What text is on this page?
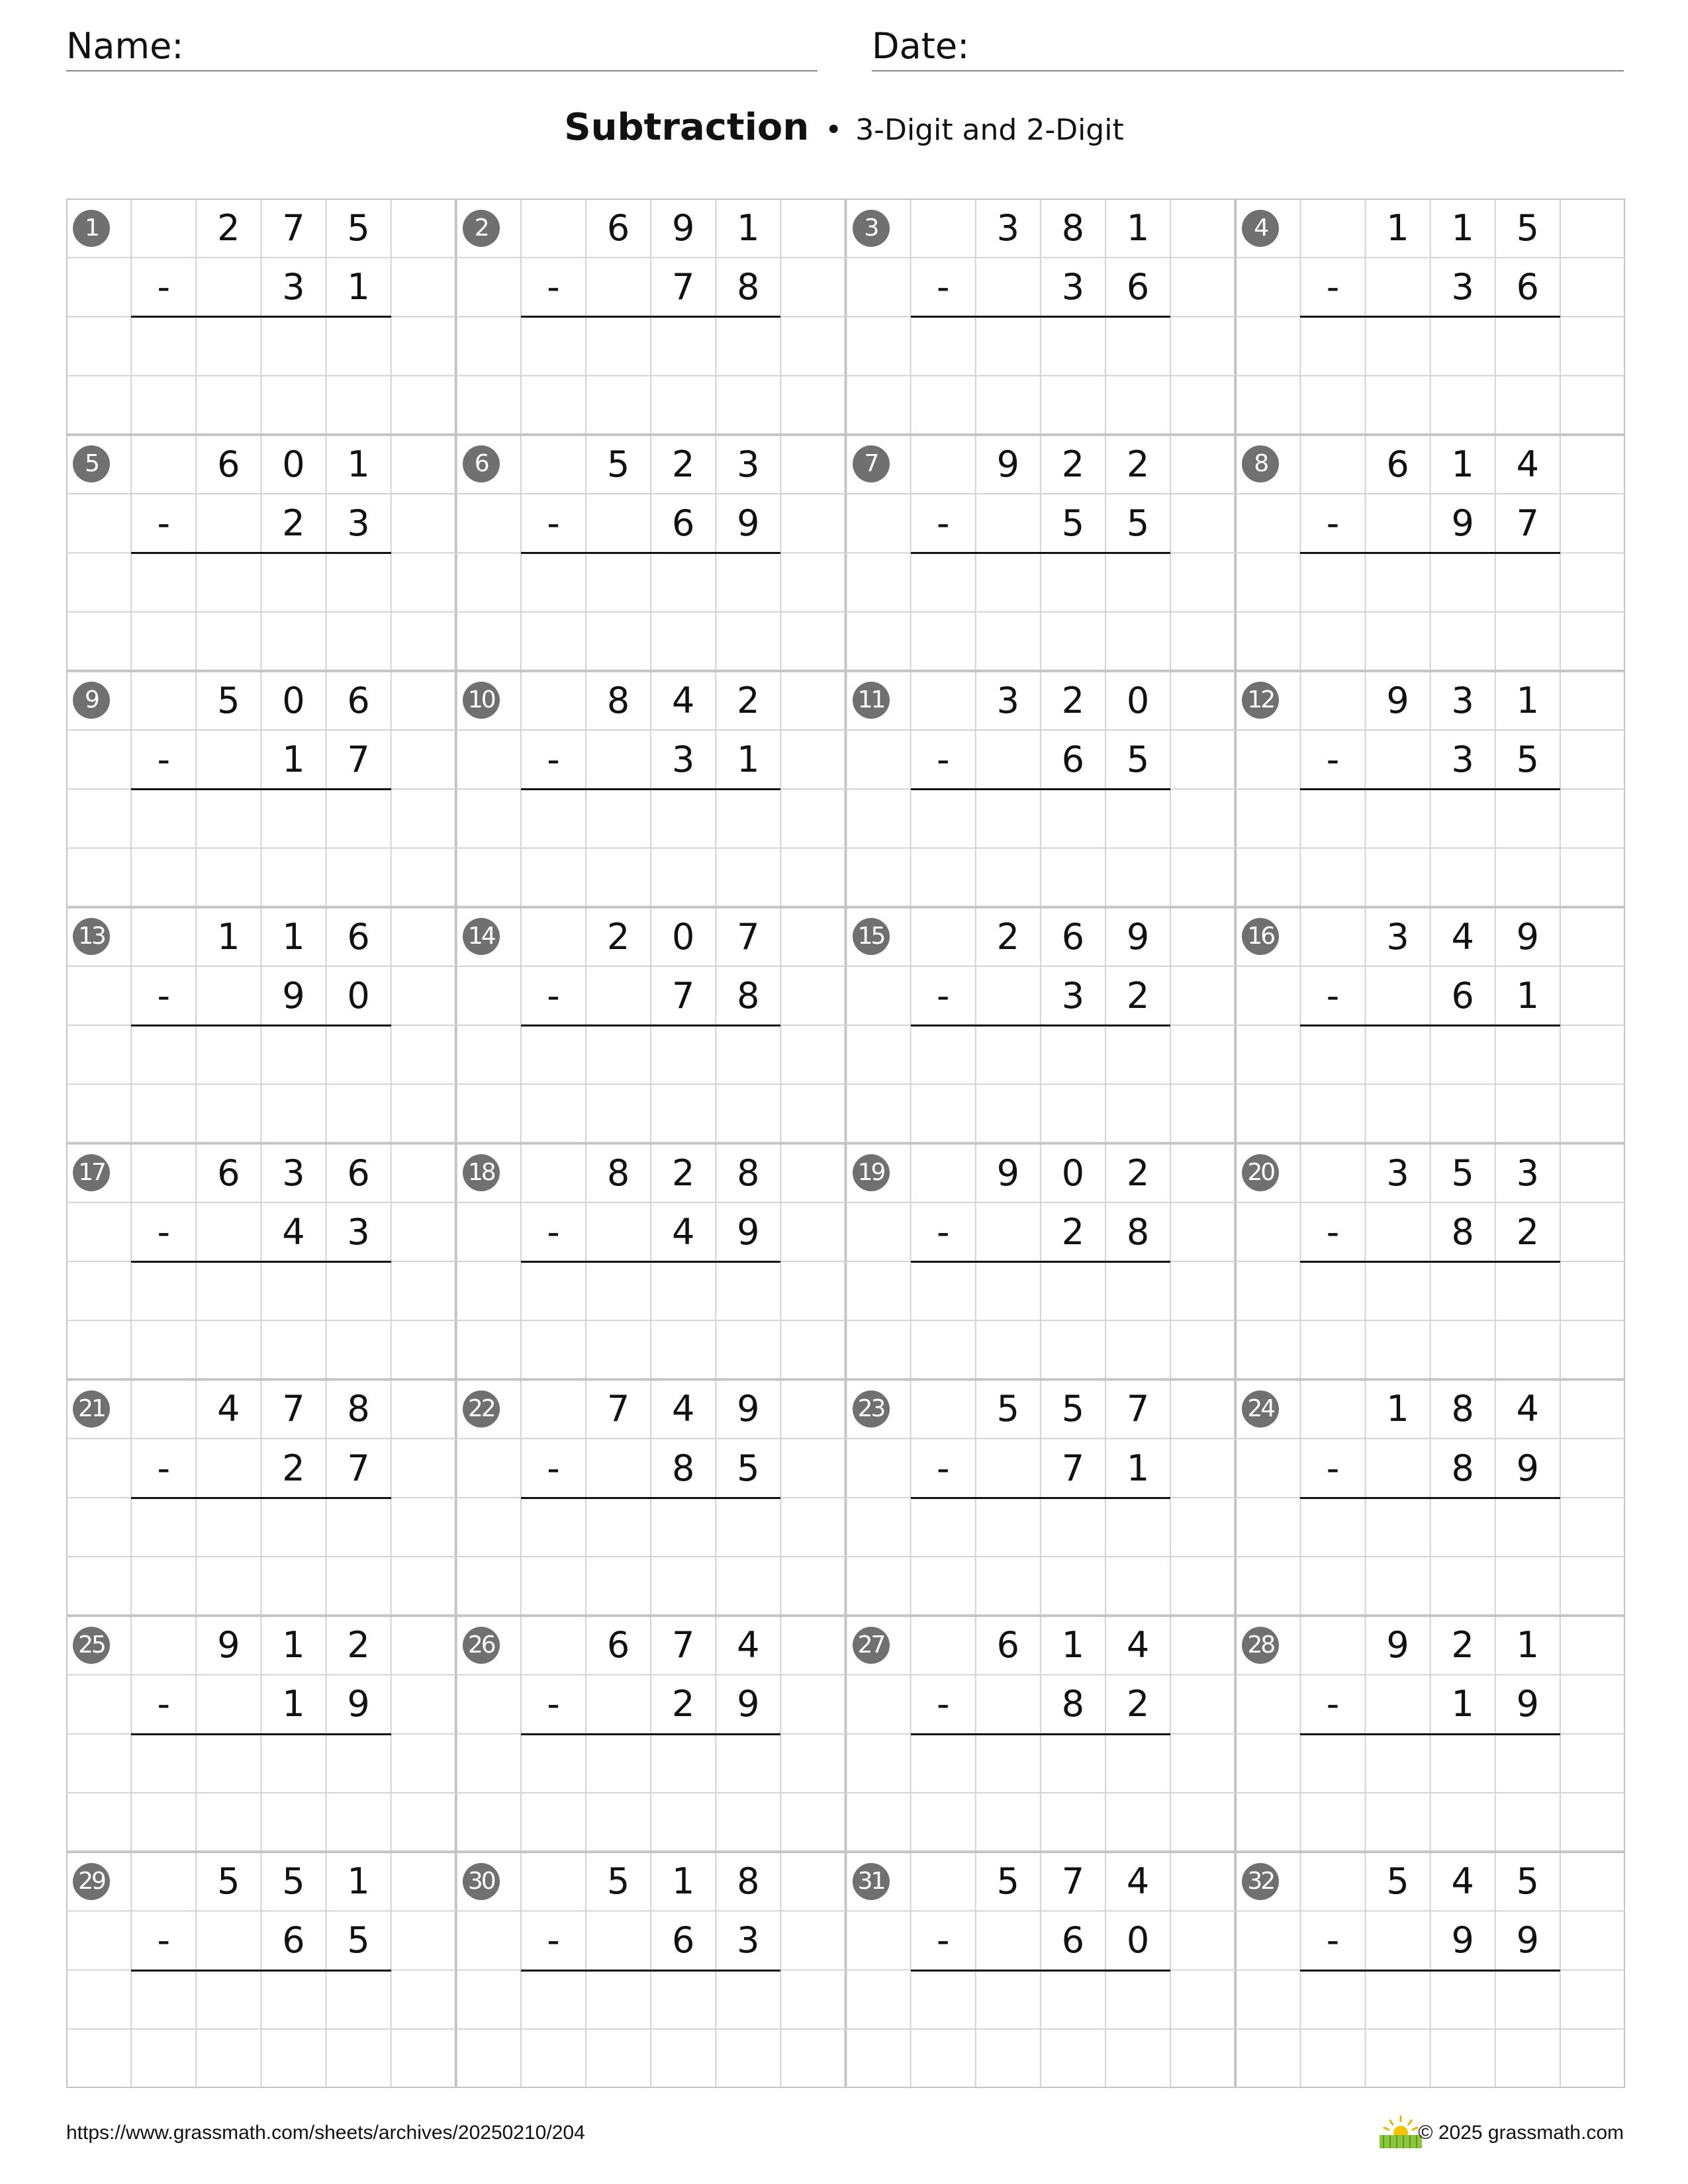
Name:	Date:
Subtraction • 3-Digit and 2-Digit
1	2	7	5
-	3	1
2	6	9	1
-	7	8
3	3	8	1
-	3	6
4	1	1	5
-	3	6
5	6	0	1
-	2	3
6	5	2	3
-	6	9
7	9	2	2
-	5	5
8	6	1	4
-	9	7
9	5	0	6
-	1	7
10	8	4	2
-	3	1
11	3	2	0
-	6	5
12	9	3	1
-	3	5
13	1	1	6
-	9	0
14	2	0	7
-	7	8
15	2	6	9
-	3	2
16	3	4	9
-	6	1
17	6	3	6
-	4	3
18	8	2	8
-	4	9
19	9	0	2
-	2	8
20	3	5	3
-	8	2
21	4	7	8
-	2	7
22	7	4	9
-	8	5
23	5	5	7
-	7	1
24	1	8	4
-	8	9
25	9	1	2
-	1	9
26	6	7	4
-	2	9
27	6	1	4
-	8	2
28	9	2	1
-	1	9
29	5	5	1
-	6	5
30	5	1	8
-	6	3
31	5	7	4
-	6	0
32	5	4	5
-	9	9
https://www.grassmath.com/sheets/archives/20250210/204	© 2025 grassmath.com
